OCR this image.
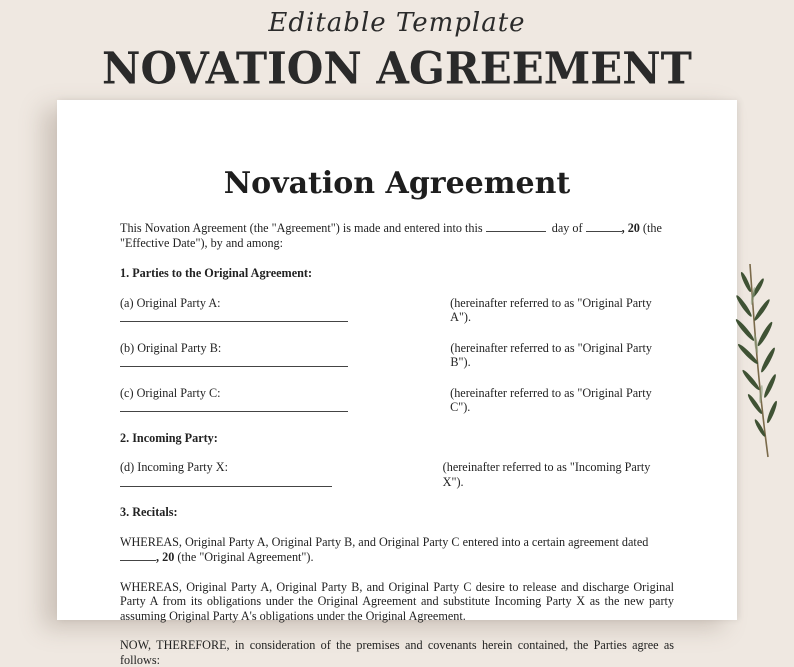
Editable Template
NOVATION AGREEMENT
Novation Agreement

This Novation Agreement (the "Agreement") is made and entered into this	day of	, 20 (the
"Effective Date"), by and among:

1. Parties to the Original Agreement:

(a) Original Party A:	(hereinafter referred to as "Original Party A").

(b) Original Party B:	(hereinafter referred to as "Original Party B").

(c) Original Party C:	(hereinafter referred to as "Original Party C").

2. Incoming Party:

(d) Incoming Party X:	(hereinafter referred to as "Incoming Party X").

3. Recitals:

WHEREAS, Original Party A, Original Party B, and Original Party C entered into a certain agreement dated
, 20 (the "Original Agreement").

WHEREAS, Original Party A, Original Party B, and Original Party C desire to release and discharge Original Party A from its obligations under the Original Agreement and substitute Incoming Party X as the new party assuming Original Party A's obligations under the Original Agreement.

NOW, THEREFORE, in consideration of the premises and covenants herein contained, the Parties agree as follows:
